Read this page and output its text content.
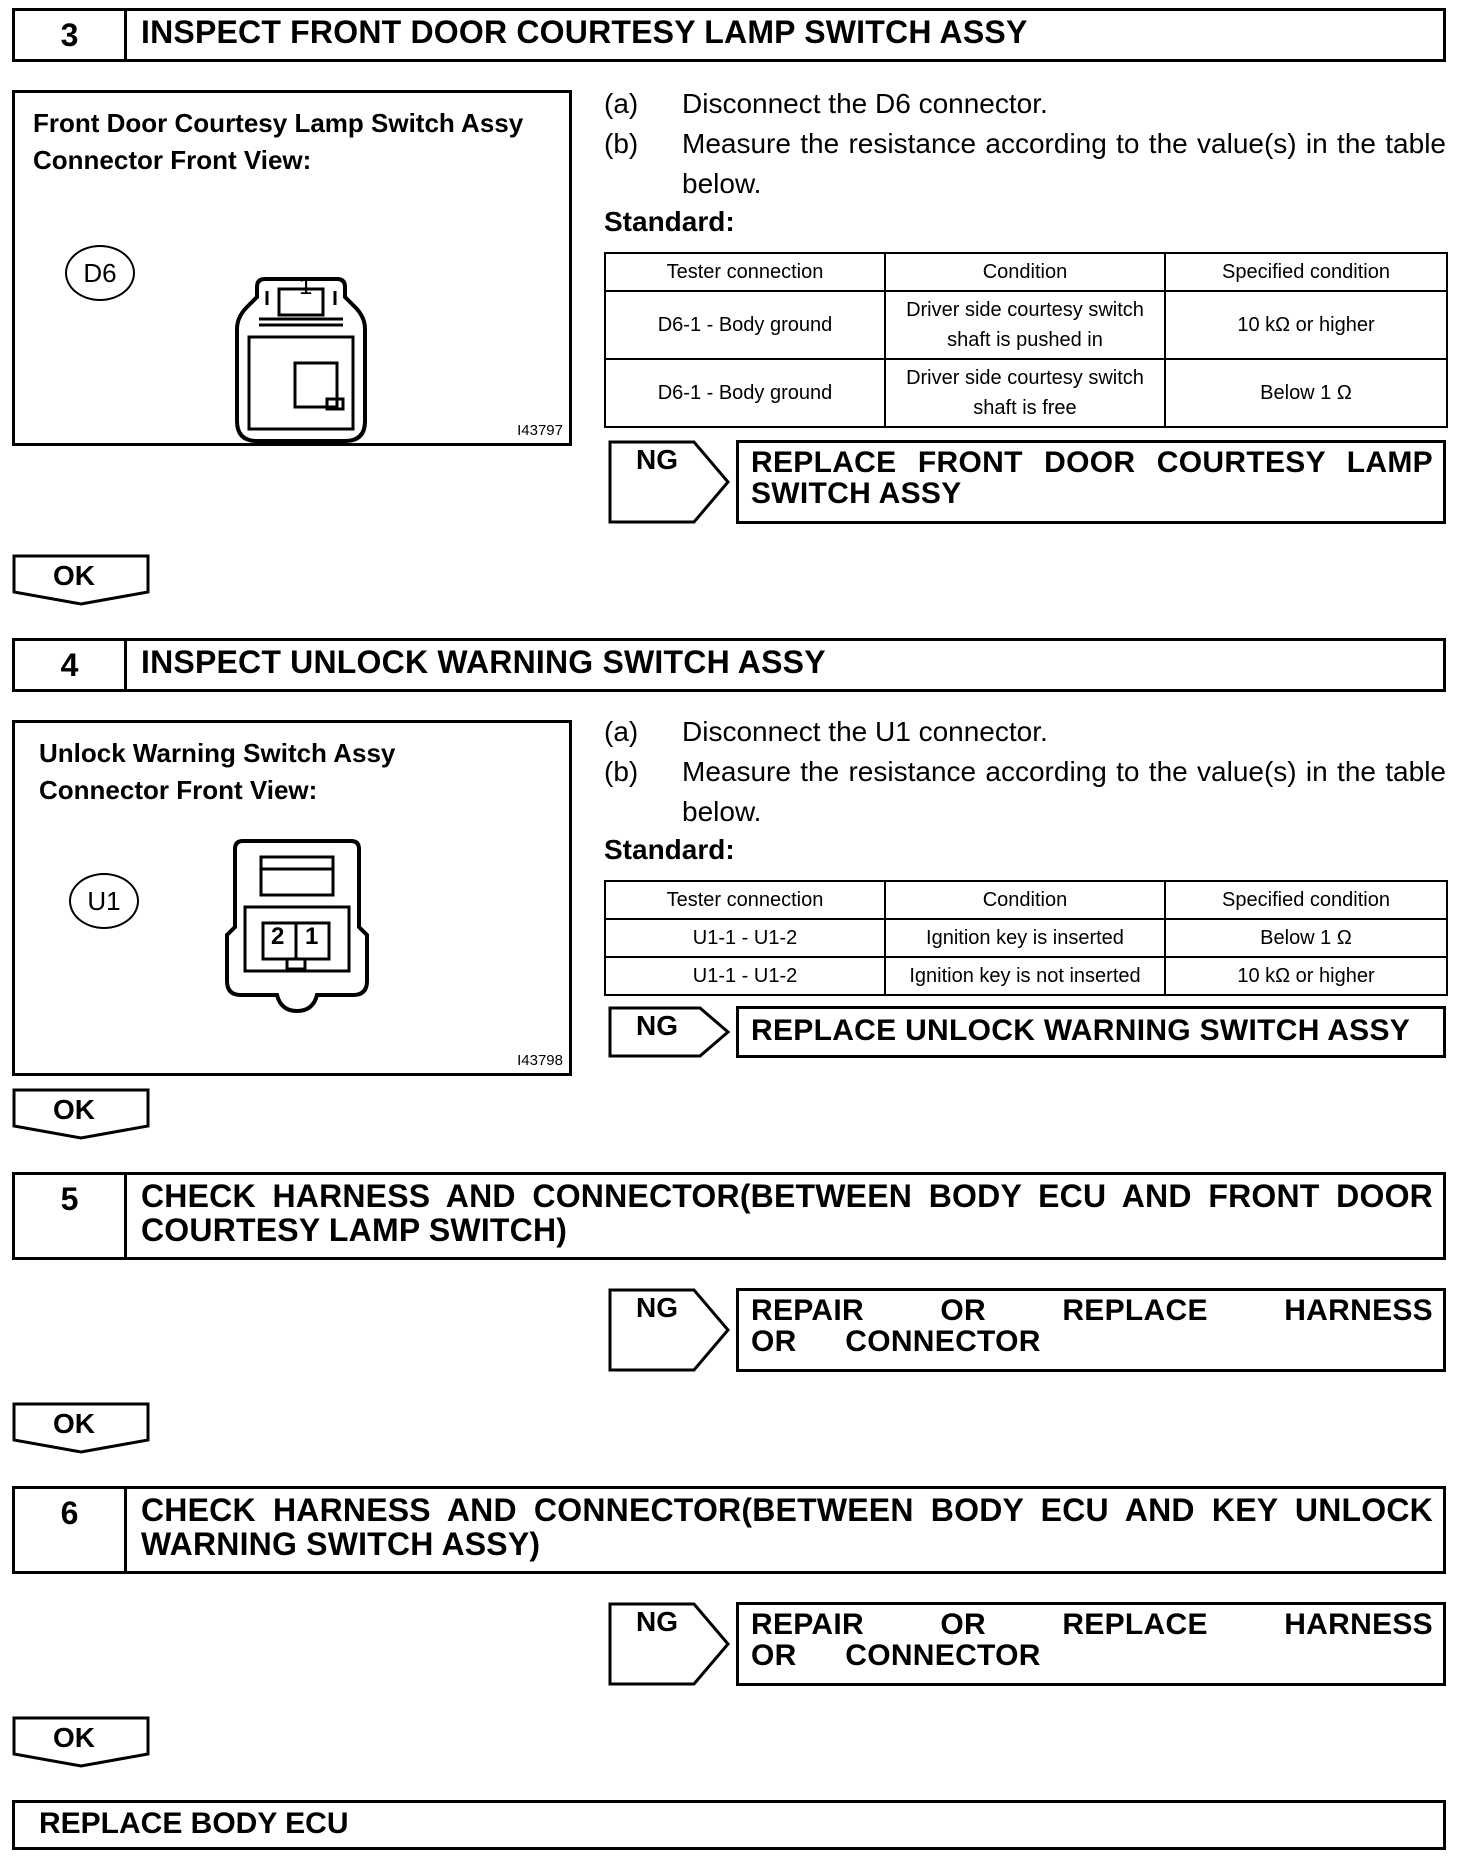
3	INSPECT FRONT DOOR COURTESY LAMP SWITCH ASSY
Front Door Courtesy Lamp Switch Assy
Connector Front View:
D6	1
I43797
(a) Disconnect the D6 connector.
(b) Measure the resistance according to the value(s) in the table below.
Standard:
Tester connection	Condition	Specified condition
D6-1 - Body ground	Driver side courtesy switch shaft is pushed in	10 kΩ or higher
D6-1 - Body ground	Driver side courtesy switch shaft is free	Below 1 Ω
NG REPLACE FRONT DOOR COURTESY LAMP SWITCH ASSY
OK
4	INSPECT UNLOCK WARNING SWITCH ASSY
Unlock Warning Switch Assy
Connector Front View:
U1
2 1
I43798
(a) Disconnect the U1 connector.
(b) Measure the resistance according to the value(s) in the table below.
Standard:
Tester connection	Condition	Specified condition
U1-1 - U1-2	Ignition key is inserted	Below 1 Ω
U1-1 - U1-2	Ignition key is not inserted	10 kΩ or higher
NG REPLACE UNLOCK WARNING SWITCH ASSY
OK
5	CHECK HARNESS AND CONNECTOR(BETWEEN BODY ECU AND FRONT DOOR COURTESY LAMP SWITCH)
NG REPAIR OR REPLACE HARNESS OR CONNECTOR
OK
6	CHECK HARNESS AND CONNECTOR(BETWEEN BODY ECU AND KEY UNLOCK WARNING SWITCH ASSY)
NG REPAIR OR REPLACE HARNESS OR CONNECTOR
OK
REPLACE BODY ECU
